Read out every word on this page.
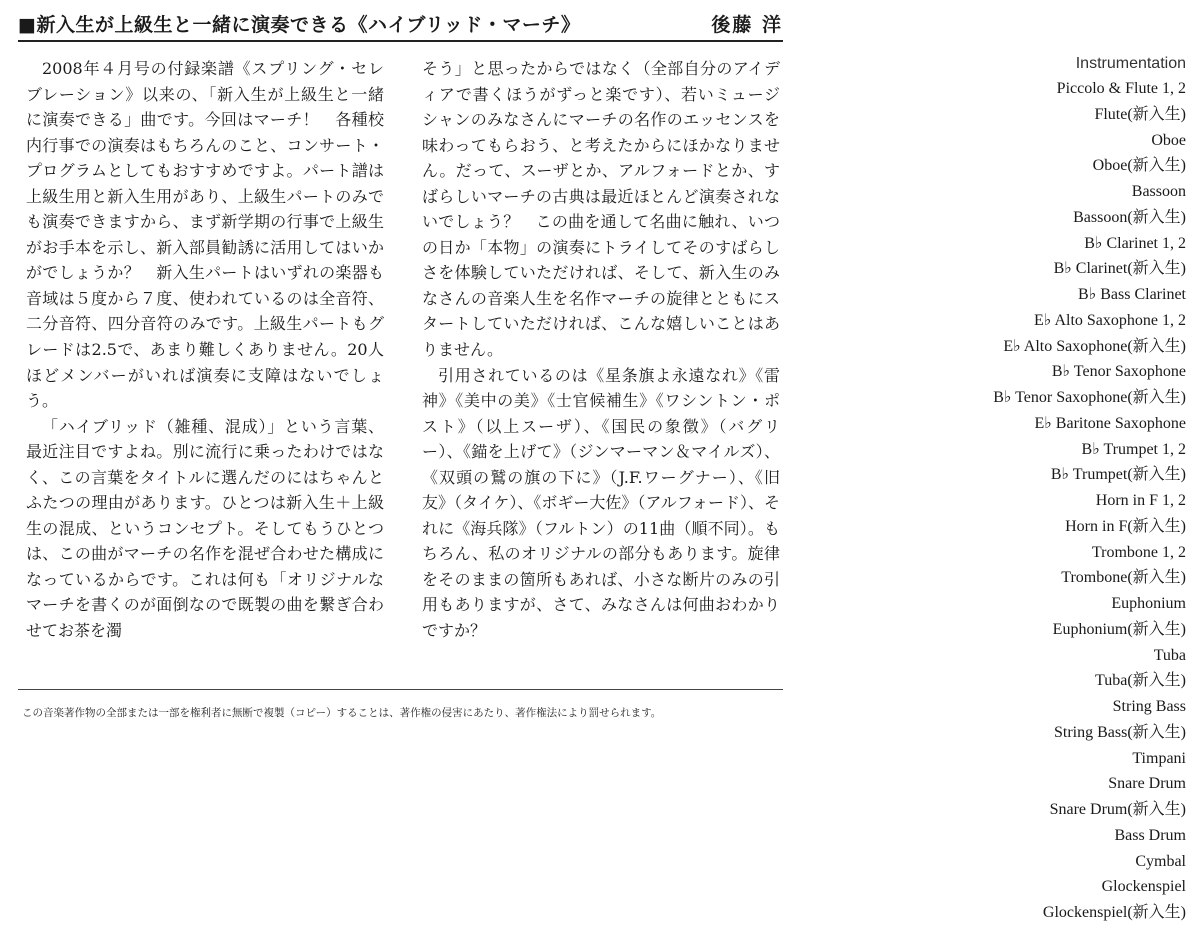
■新入生が上級生と一緒に演奏できる《ハイブリッド・マーチ》	後藤 洋

2008年４月号の付録楽譜《スプリング・セレブレーション》以来の、「新入生が上級生と一緒に演奏できる」曲です。今回はマーチ！　各種校内行事での演奏はもちろんのこと、コンサート・プログラムとしてもおすすめですよ。パート譜は上級生用と新入生用があり、上級生パートのみでも演奏できますから、まず新学期の行事で上級生がお手本を示し、新入部員勧誘に活用してはいかがでしょうか？　新入生パートはいずれの楽器も音域は５度から７度、使われているのは全音符、二分音符、四分音符のみです。上級生パートもグレードは2.5で、あまり難しくありません。20人ほどメンバーがいれば演奏に支障はないでしょう。

「ハイブリッド（雑種、混成）」という言葉、最近注目ですよね。別に流行に乗ったわけではなく、この言葉をタイトルに選んだのにはちゃんとふたつの理由があります。ひとつは新入生＋上級生の混成、というコンセプト。そしてもうひとつは、この曲がマーチの名作を混ぜ合わせた構成になっているからです。これは何も「オリジナルなマーチを書くのが面倒なので既製の曲を繋ぎ合わせてお茶を濁

そう」と思ったからではなく（全部自分のアイディアで書くほうがずっと楽です）、若いミュージシャンのみなさんにマーチの名作のエッセンスを味わってもらおう、と考えたからにほかなりません。だって、スーザとか、アルフォードとか、すばらしいマーチの古典は最近ほとんど演奏されないでしょう？　この曲を通して名曲に触れ、いつの日か「本物」の演奏にトライしてそのすばらしさを体験していただければ、そして、新入生のみなさんの音楽人生を名作マーチの旋律とともにスタートしていただければ、こんな嬉しいことはありません。

引用されているのは《星条旗よ永遠なれ》《雷神》《美中の美》《士官候補生》《ワシントン・ポスト》（以上スーザ）、《国民の象徴》（バグリー）、《錨を上げて》（ジンマーマン＆マイルズ）、《双頭の鷲の旗の下に》（J.F.ワーグナー）、《旧友》（タイケ）、《ボギー大佐》（アルフォード）、それに《海兵隊》（フルトン）の11曲（順不同）。もちろん、私のオリジナルの部分もあります。旋律をそのままの箇所もあれば、小さな断片のみの引用もありますが、さて、みなさんは何曲おわかりですか？

この音楽著作物の全部または一部を権利者に無断で複製（コピー）することは、著作権の侵害にあたり、著作権法により罰せられます。
Instrumentation
Piccolo & Flute 1, 2
Flute(新入生)
Oboe
Oboe(新入生)
Bassoon
Bassoon(新入生)
B♭ Clarinet 1, 2
B♭ Clarinet(新入生)
B♭ Bass Clarinet
E♭ Alto Saxophone 1, 2
E♭ Alto Saxophone(新入生)
B♭ Tenor Saxophone
B♭ Tenor Saxophone(新入生)
E♭ Baritone Saxophone
B♭ Trumpet 1, 2
B♭ Trumpet(新入生)
Horn in F 1, 2
Horn in F(新入生)
Trombone 1, 2
Trombone(新入生)
Euphonium
Euphonium(新入生)
Tuba
Tuba(新入生)
String Bass
String Bass(新入生)
Timpani
Snare Drum
Snare Drum(新入生)
Bass Drum
Cymbal
Glockenspiel
Glockenspiel(新入生)
